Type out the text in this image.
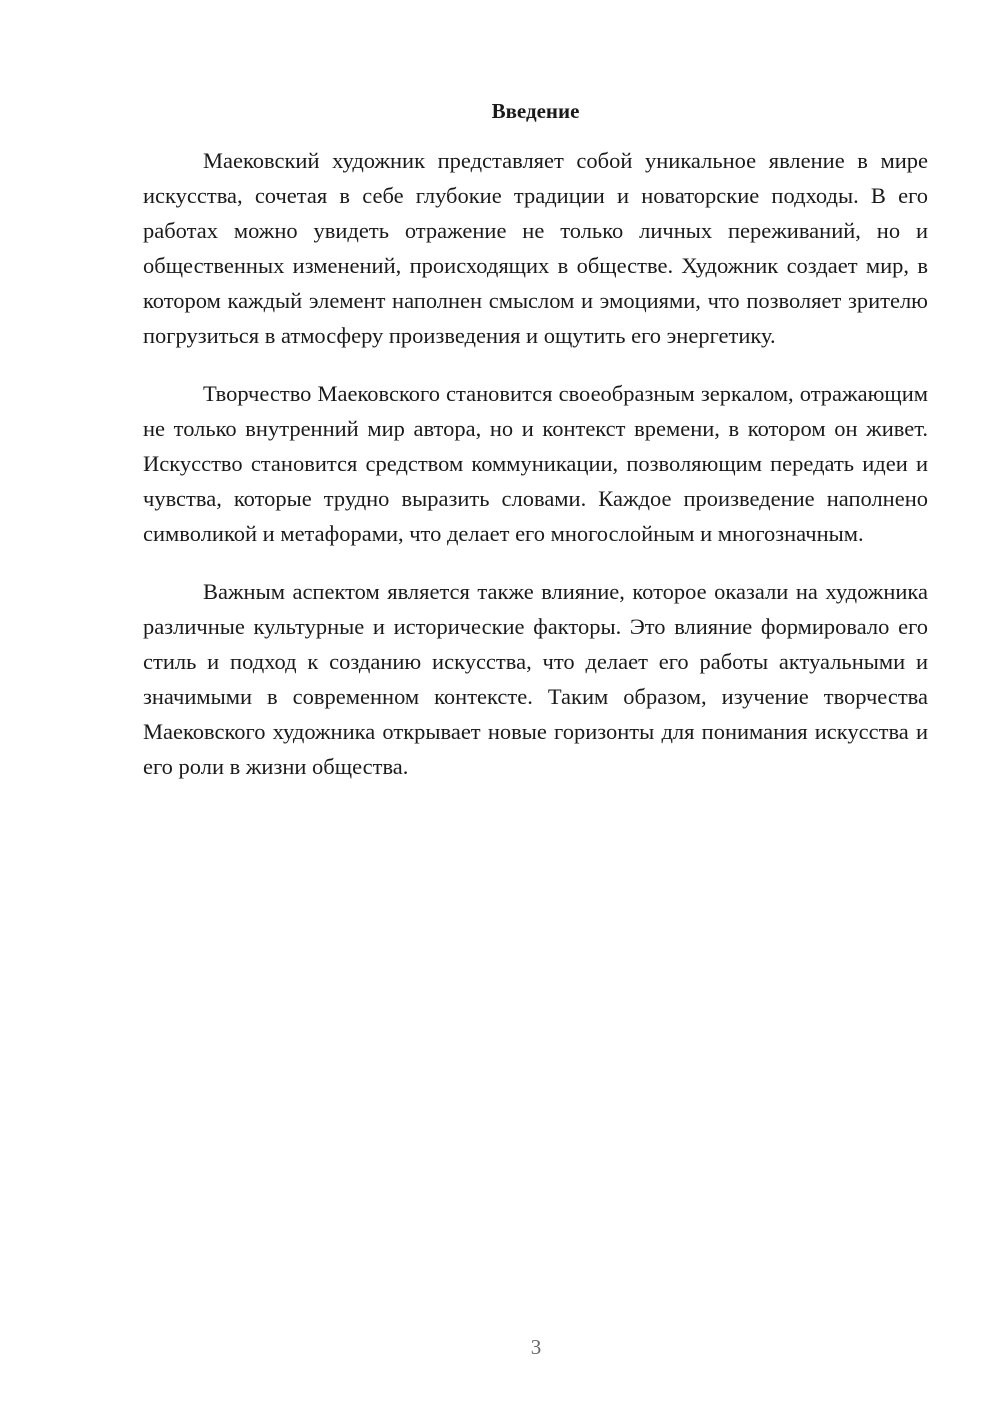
Введение

Маековский художник представляет собой уникальное явление в мире искусства, сочетая в себе глубокие традиции и новаторские подходы. В его работах можно увидеть отражение не только личных переживаний, но и общественных изменений, происходящих в обществе. Художник создает мир, в котором каждый элемент наполнен смыслом и эмоциями, что позволяет зрителю погрузиться в атмосферу произведения и ощутить его энергетику.

Творчество Маековского становится своеобразным зеркалом, отражающим не только внутренний мир автора, но и контекст времени, в котором он живет. Искусство становится средством коммуникации, позволяющим передать идеи и чувства, которые трудно выразить словами. Каждое произведение наполнено символикой и метафорами, что делает его многослойным и многозначным.

Важным аспектом является также влияние, которое оказали на художника различные культурные и исторические факторы. Это влияние формировало его стиль и подход к созданию искусства, что делает его работы актуальными и значимыми в современном контексте. Таким образом, изучение творчества Маековского художника открывает новые горизонты для понимания искусства и его роли в жизни общества.

3
